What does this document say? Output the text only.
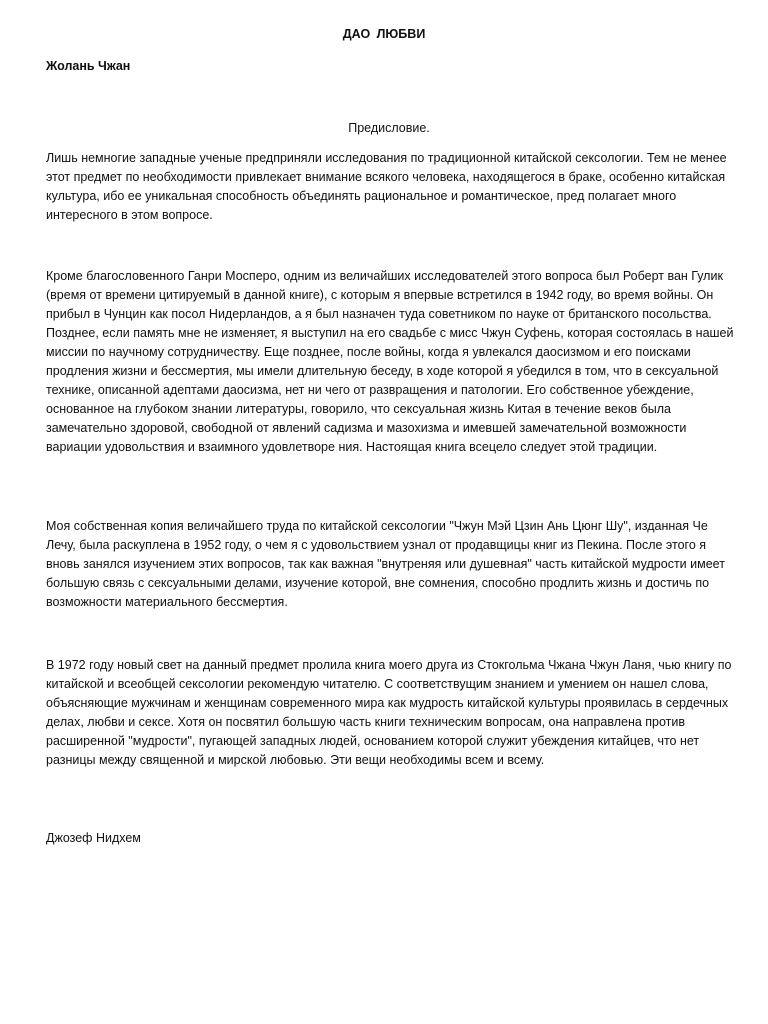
ДАО ЛЮБВИ
Жолань Чжан
Предисловие.

Лишь немногие западные ученые предприняли исследования по традиционной китайской сексологии. Тем не менее этот предмет по необходимости привлекает внимание всякого человека, находящегося в браке, особенно китайская культура, ибо ее уникальная способность объединять рациональное и романтическое, пред полагает много интересного в этом вопросе.

Кроме благословенного Ганри Мосперо, одним из величайших исследователей этого вопроса был Роберт ван Гулик (время от времени цитируемый в данной книге), с которым я впервые встретился в 1942 году, во время войны. Он прибыл в Чунцин как посол Нидерландов, а я был назначен туда советником по науке от британского посольства. Позднее, если память мне не изменяет, я выступил на его свадьбе с мисс Чжун Суфень, которая состоялась в нашей миссии по научному сотрудничеству. Еще позднее, после войны, когда я увлекался даосизмом и его поисками продления жизни и бессмертия, мы имели длительную беседу, в ходе которой я убедился в том, что в сексуальной технике, описанной адептами даосизма, нет ни чего от развращения и патологии. Его собственное убеждение, основанное на глубоком знании литературы, говорило, что сексуальная жизнь Китая в течение веков была замечательно здоровой, свободной от явлений садизма и мазохизма и имевшей замечательной возможности вариации удовольствия и взаимного удовлетворе ния. Настоящая книга всецело следует этой традиции.

Моя собственная копия величайшего труда по китайской сексологии "Чжун Мэй Цзин Ань Цюнг Шу", изданная Че Лечу, была раскуплена в 1952 году, о чем я с удовольствием узнал от продавщицы книг из Пекина. После этого я вновь занялся изучением этих вопросов, так как важная "внутреняя или душевная" часть китайской мудрости имеет большую связь с сексуальными делами, изучение которой, вне сомнения, способно продлить жизнь и достичь по возможности материального бессмертия.

В 1972 году новый свет на данный предмет пролила книга моего друга из Стокгольма Чжана Чжун Ланя, чью книгу по китайской и всеобщей сексологии рекомендую читателю. С соответствущим знанием и умением он нашел слова, объясняющие мужчинам и женщинам современного мира как мудрость китайской культуры проявилась в сердечных делах, любви и сексе. Хотя он посвятил большую часть книги техническим вопросам, она направлена против расширенной "мудрости", пугающей западных людей, основанием которой служит убеждения китайцев, что нет разницы между священной и мирской любовью. Эти вещи необходимы всем и всему.

Джозеф Нидхем
